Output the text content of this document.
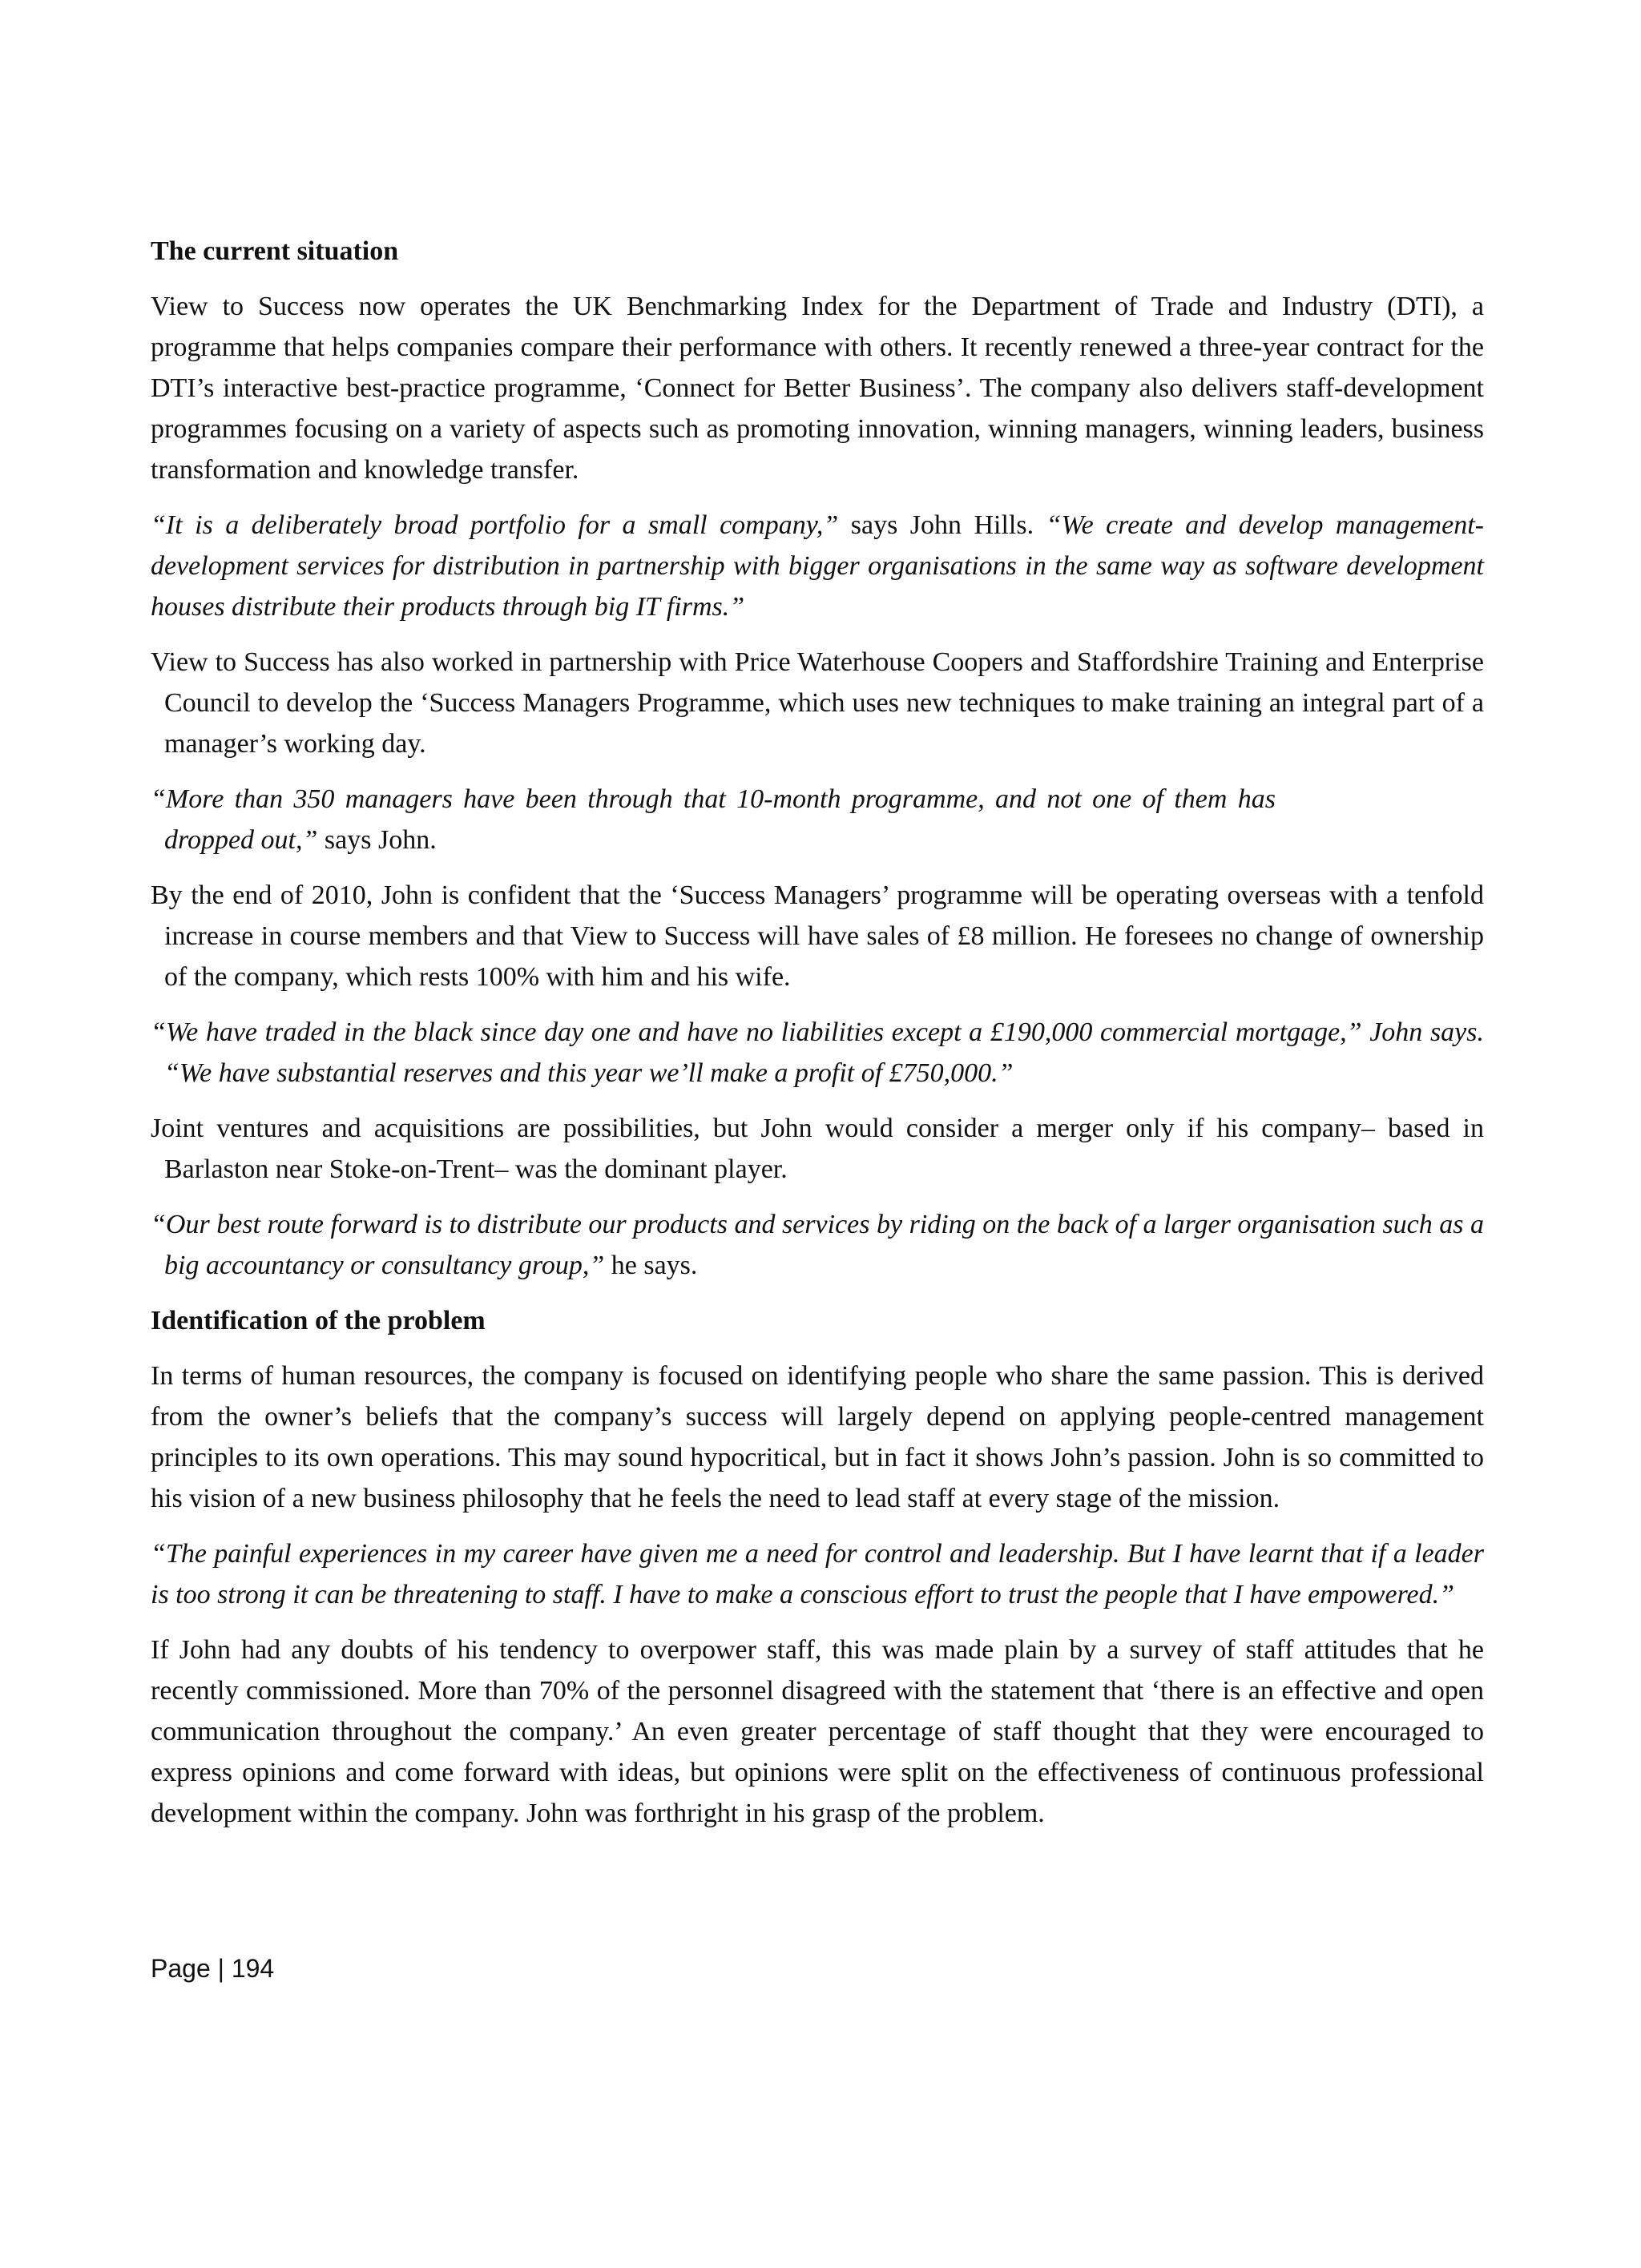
The current situation

View to Success now operates the UK Benchmarking Index for the Department of Trade and Industry (DTI), a programme that helps companies compare their performance with others. It recently renewed a three-year contract for the DTI’s interactive best-practice programme, ‘Connect for Better Business’. The company also delivers staff-development programmes focusing on a variety of aspects such as promoting innovation, winning managers, winning leaders, business transformation and knowledge transfer.

“It is a deliberately broad portfolio for a small company,” says John Hills. “We create and develop management-development services for distribution in partnership with bigger organisations in the same way as software development houses distribute their products through big IT firms.”

View to Success has also worked in partnership with Price Waterhouse Coopers and Staffordshire Training and Enterprise Council to develop the ‘Success Managers Programme, which uses new techniques to make training an integral part of a manager’s working day.

“More than 350 managers have been through that 10-month programme, and not one of them has dropped out,” says John.

By the end of 2010, John is confident that the ‘Success Managers’ programme will be operating overseas with a tenfold increase in course members and that View to Success will have sales of £8 million. He foresees no change of ownership of the company, which rests 100% with him and his wife.

“We have traded in the black since day one and have no liabilities except a £190,000 commercial mortgage,” John says. “We have substantial reserves and this year we’ll make a profit of £750,000.”

Joint ventures and acquisitions are possibilities, but John would consider a merger only if his company– based in Barlaston near Stoke-on-Trent– was the dominant player.

“Our best route forward is to distribute our products and services by riding on the back of a larger organisation such as a big accountancy or consultancy group,” he says.

Identification of the problem

In terms of human resources, the company is focused on identifying people who share the same passion. This is derived from the owner’s beliefs that the company’s success will largely depend on applying people-centred management principles to its own operations. This may sound hypocritical, but in fact it shows John’s passion. John is so committed to his vision of a new business philosophy that he feels the need to lead staff at every stage of the mission.

“The painful experiences in my career have given me a need for control and leadership. But I have learnt that if a leader is too strong it can be threatening to staff. I have to make a conscious effort to trust the people that I have empowered.”

If John had any doubts of his tendency to overpower staff, this was made plain by a survey of staff attitudes that he recently commissioned. More than 70% of the personnel disagreed with the statement that ‘there is an effective and open communication throughout the company.’ An even greater percentage of staff thought that they were encouraged to express opinions and come forward with ideas, but opinions were split on the effectiveness of continuous professional development within the company. John was forthright in his grasp of the problem.

Page | 194
